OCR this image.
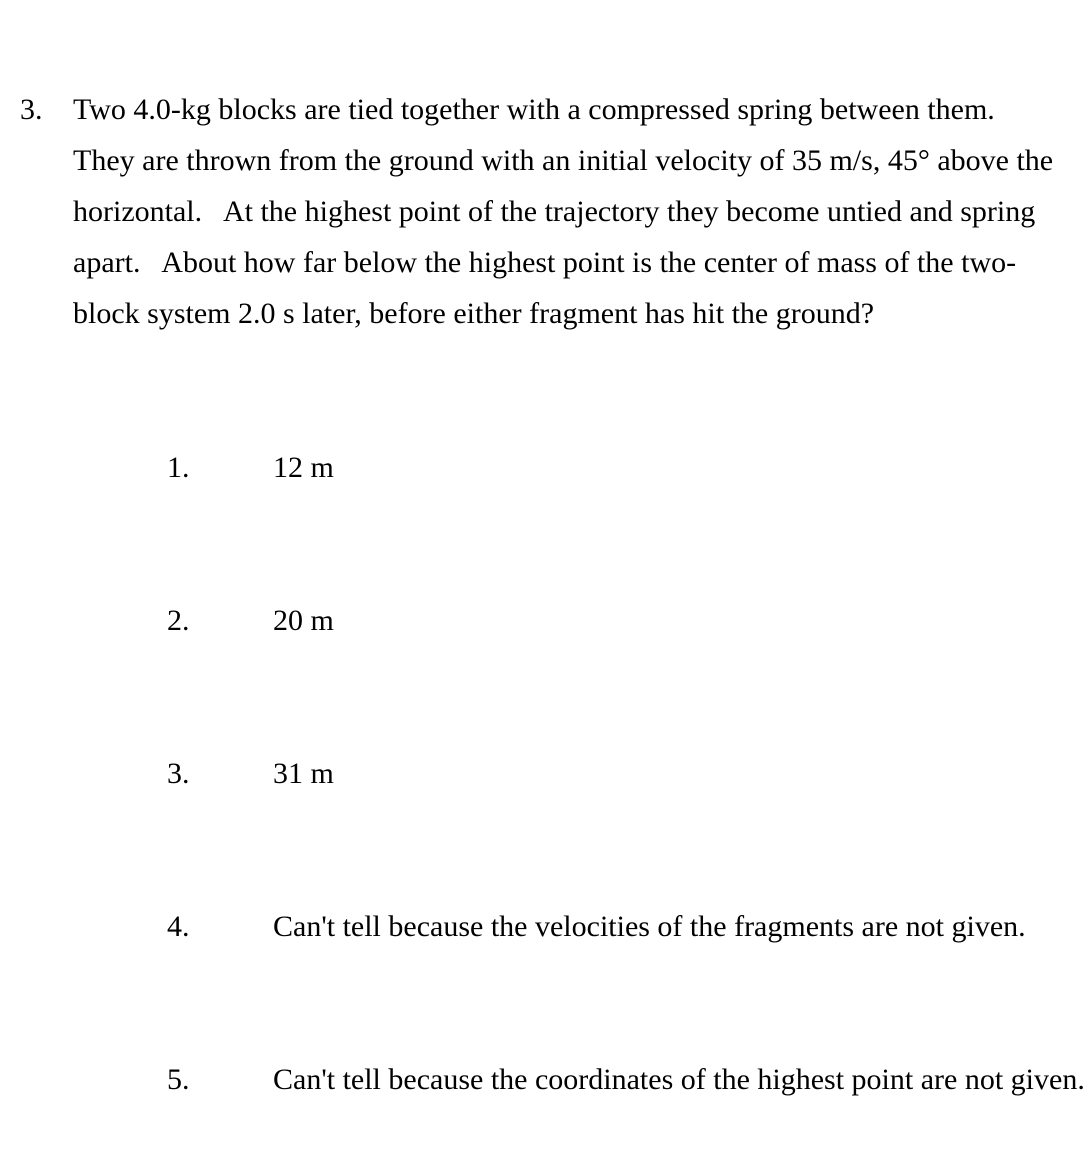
3. Two 4.0-kg blocks are tied together with a compressed spring between them.
They are thrown from the ground with an initial velocity of 35 m/s, 45° above the
horizontal.   At the highest point of the trajectory they become untied and spring
apart.   About how far below the highest point is the center of mass of the two-
block system 2.0 s later, before either fragment has hit the ground?

1.	12 m

2.	20 m

3.	31 m

4.	Can't tell because the velocities of the fragments are not given.

5.	Can't tell because the coordinates of the highest point are not given.
